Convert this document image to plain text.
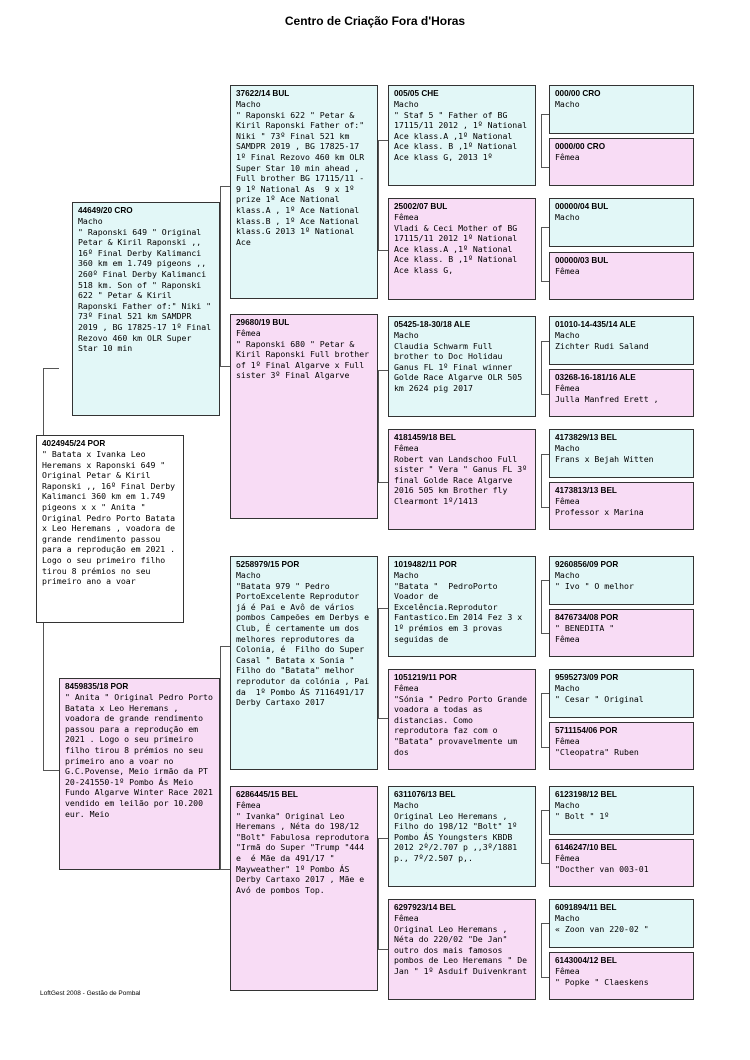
Centro de Criação Fora d'Horas
4024945/24 POR
" Batata x Ivanka Leo Heremans x Raponski 649 " Original Petar & Kiril Raponski ,, 16º Final Derby Kalimanci 360 km em 1.749 pigeons x x " Anita " Original Pedro Porto Batata x Leo Heremans , voadora de grande rendimento passou para a reprodução em 2021 . Logo o seu primeiro filho tirou 8 prémios no seu primeiro ano a voar
44649/20 CRO
Macho
" Raponski 649 " Original Petar & Kiril Raponski ,, 16º Final Derby Kalimanci 360 km em 1.749 pigeons ,, 260º Final Derby Kalimanci 518 km. Son of " Raponski 622 " Petar & Kiril Raponski Father of:" Niki " 73º Final 521 km SAMDPR 2019 , BG 17825-17 1º Final Rezovo 460 km OLR Super Star 10 min
8459835/18 POR
" Anita " Original Pedro Porto Batata x Leo Heremans , voadora de grande rendimento passou para a reprodução em 2021 . Logo o seu primeiro filho tirou 8 prémios no seu primeiro ano a voar no G.C.Povense, Meio irmão da PT 20-241550-1º Pombo Ás Meio Fundo Algarve Winter Race 2021 vendido em leilão por 10.200 eur. Meio
37622/14 BUL
Macho
" Raponski 622 " Petar & Kiril Raponski Father of:" Niki " 73º Final 521 km SAMDPR 2019 , BG 17825-17 1º Final Rezovo 460 km OLR Super Star 10 min ahead , Full brother BG 17115/11 - 9 1º National As  9 x 1º prize 1º Ace National klass.A , 1º Ace National klass.B , 1º Ace National klass.G 2013 1º National Ace
29680/19 BUL
Fêmea
" Raponski 680 " Petar & Kiril Raponski Full brother of 1º Final Algarve x Full sister 3º Final Algarve
5258979/15 POR
Macho
"Batata 979 " Pedro PortoExcelente Reprodutor já é Pai e Avô de vários pombos Campeões em Derbys e Club, É certamente um dos melhores reprodutores da Colonia, é  Filho do Super Casal " Batata x Sonia " Filho do "Batata" melhor reprodutor da colónia , Pai da  1º Pombo ÁS 7116491/17 Derby Cartaxo 2017
6286445/15 BEL
Fêmea
" Ivanka" Original Leo Heremans , Néta do 198/12 "Bolt" Fabulosa reprodutora "Irmã do Super "Trump "444 e  é Mãe da 491/17 " Mayweather" 1º Pombo ÁS Derby Cartaxo 2017 , Mãe e Avó de pombos Top.
005/05 CHE
Macho
" Staf 5 " Father of BG 17115/11 2012 , 1º National Ace klass.A ,1º National Ace klass. B ,1º National Ace klass G, 2013 1º
25002/07 BUL
Fêmea
Vladi & Ceci Mother of BG 17115/11 2012 1º National Ace klass.A ,1º National Ace klass. B ,1º National Ace klass G,
05425-18-30/18 ALE
Macho
Claudia Schwarm Full brother to Doc Holidau Ganus FL 1º Final winner Golde Race Algarve OLR 505 km 2624 pig 2017
4181459/18 BEL
Fêmea
Robert van Landschoo Full sister " Vera " Ganus FL 3º final Golde Race Algarve 2016 505 km Brother fly Clearmont 1º/1413
1019482/11 POR
Macho
"Batata "  PedroPorto Voador de Excelência.Reprodutor Fantastico.Em 2014 Fez 3 x 1º prémios em 3 provas seguidas de
1051219/11 POR
Fêmea
"Sónia " Pedro Porto Grande voadora a todas as distancias. Como reprodutora faz com o "Batata" provavelmente um dos
6311076/13 BEL
Macho
Original Leo Heremans , Filho do 198/12 "Bolt" 1º Pombo ÁS Youngsters KBDB 2012 2º/2.707 p ,,3º/1881 p., 7º/2.507 p,.
6297923/14 BEL
Fêmea
Original Leo Heremans , Néta do 220/02 "De Jan" outro dos mais famosos pombos de Leo Heremans " De Jan " 1º Asduif Duivenkrant
000/00 CRO
Macho
0000/00 CRO
Fêmea
00000/04 BUL
Macho
00000/03 BUL
Fêmea
01010-14-435/14 ALE
Macho
Zichter Rudi Saland
03268-16-181/16 ALE
Fêmea
Julla Manfred Erett ,
4173829/13 BEL
Macho
Frans x Bejah Witten
4173813/13 BEL
Fêmea
Professor x Marina
9260856/09 POR
Macho
" Ivo " O melhor
8476734/08 POR
" BENEDITA "
Fêmea
9595273/09 POR
Macho
" Cesar " Original
5711154/06 POR
Fêmea
"Cleopatra" Ruben
6123198/12 BEL
Macho
" Bolt " 1º
6146247/10 BEL
Fêmea
"Docther van 003-01
6091894/11 BEL
Macho
« Zoon van 220-02 "
6143004/12 BEL
Fêmea
" Popke " Claeskens
LoftGest 2008 - Gestão de Pombal
